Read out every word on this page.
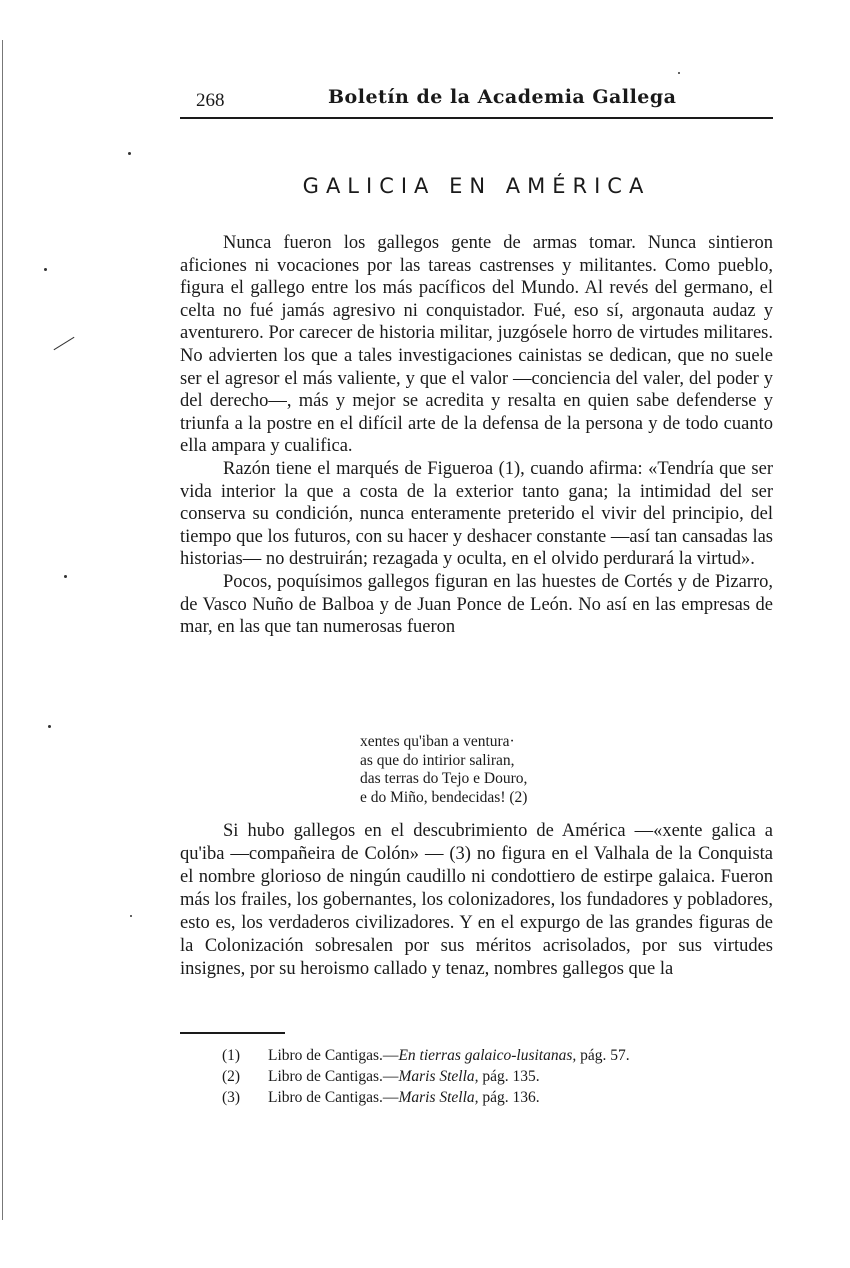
268	Boletín de la Academia Gallega
GALICIA EN AMÉRICA

Nunca fueron los gallegos gente de armas tomar. Nunca sintieron aficiones ni vocaciones por las tareas castrenses y militantes. Como pueblo, figura el gallego entre los más pacíficos del Mundo. Al revés del germano, el celta no fué jamás agresivo ni conquistador. Fué, eso sí, argonauta audaz y aventurero. Por carecer de historia militar, juzgósele horro de virtudes militares. No advierten los que a tales investigaciones cainistas se dedican, que no suele ser el agresor el más valiente, y que el valor —conciencia del valer, del poder y del derecho—, más y mejor se acredita y resalta en quien sabe defenderse y triunfa a la postre en el difícil arte de la defensa de la persona y de todo cuanto ella ampara y cualifica.

Razón tiene el marqués de Figueroa (1), cuando afirma: «Tendría que ser vida interior la que a costa de la exterior tanto gana; la intimidad del ser conserva su condición, nunca enteramente preterido el vivir del principio, del tiempo que los futuros, con su hacer y deshacer constante —así tan cansadas las historias— no destruirán; rezagada y oculta, en el olvido perdurará la virtud».

Pocos, poquísimos gallegos figuran en las huestes de Cortés y de Pizarro, de Vasco Nuño de Balboa y de Juan Ponce de León. No así en las empresas de mar, en las que tan numerosas fueron

xentes qu'iban a ventura·
as que do intirior saliran,
das terras do Tejo e Douro,
e do Miño, bendecidas! (2)

Si hubo gallegos en el descubrimiento de América —«xente galica a qu'iba —compañeira de Colón» — (3) no figura en el Valhala de la Conquista el nombre glorioso de ningún caudillo ni condottiero de estirpe galaica. Fueron más los frailes, los gobernantes, los colonizadores, los fundadores y pobladores, esto es, los verdaderos civilizadores. Y en el expurgo de las grandes figuras de la Colonización sobresalen por sus méritos acrisolados, por sus virtudes insignes, por su heroismo callado y tenaz, nombres gallegos que la

(1) Libro de Cantigas.—En tierras galaico-lusitanas, pág. 57.
(2) Libro de Cantigas.—Maris Stella, pág. 135.
(3) Libro de Cantigas.—Maris Stella, pág. 136.
